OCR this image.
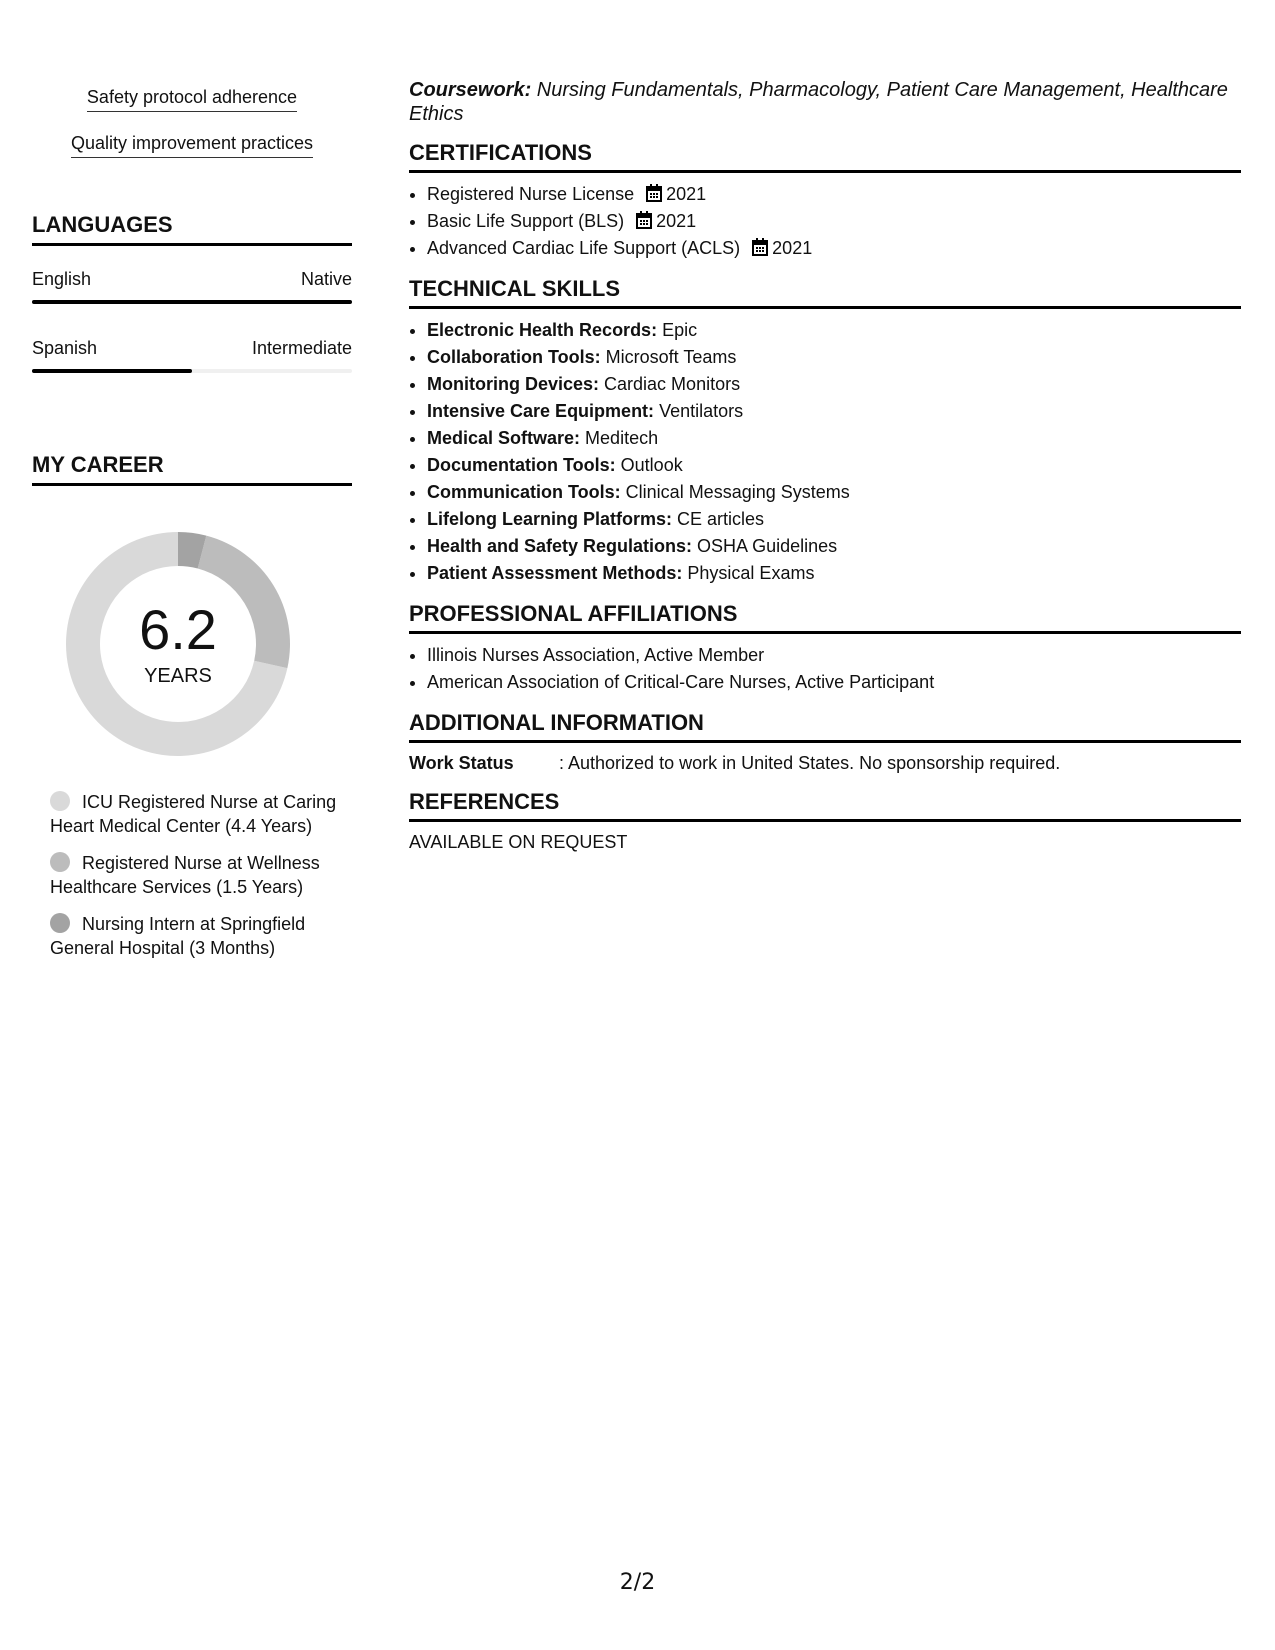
Safety protocol adherence
Quality improvement practices
LANGUAGES
English	Native
Spanish	Intermediate
MY CAREER
6.2
YEARS
ICU Registered Nurse at Caring Heart Medical Center (4.4 Years)
Registered Nurse at Wellness Healthcare Services (1.5 Years)
Nursing Intern at Springfield General Hospital (3 Months)

Coursework: Nursing Fundamentals, Pharmacology, Patient Care Management, Healthcare Ethics

CERTIFICATIONS
• Registered Nurse License 2021
• Basic Life Support (BLS) 2021
• Advanced Cardiac Life Support (ACLS) 2021
TECHNICAL SKILLS
• Electronic Health Records: Epic
• Collaboration Tools: Microsoft Teams
• Monitoring Devices: Cardiac Monitors
• Intensive Care Equipment: Ventilators
• Medical Software: Meditech
• Documentation Tools: Outlook
• Communication Tools: Clinical Messaging Systems
• Lifelong Learning Platforms: CE articles
• Health and Safety Regulations: OSHA Guidelines
• Patient Assessment Methods: Physical Exams
PROFESSIONAL AFFILIATIONS
• Illinois Nurses Association, Active Member
• American Association of Critical-Care Nurses, Active Participant
ADDITIONAL INFORMATION
Work Status	: Authorized to work in United States. No sponsorship required.
REFERENCES
AVAILABLE ON REQUEST
2/2
